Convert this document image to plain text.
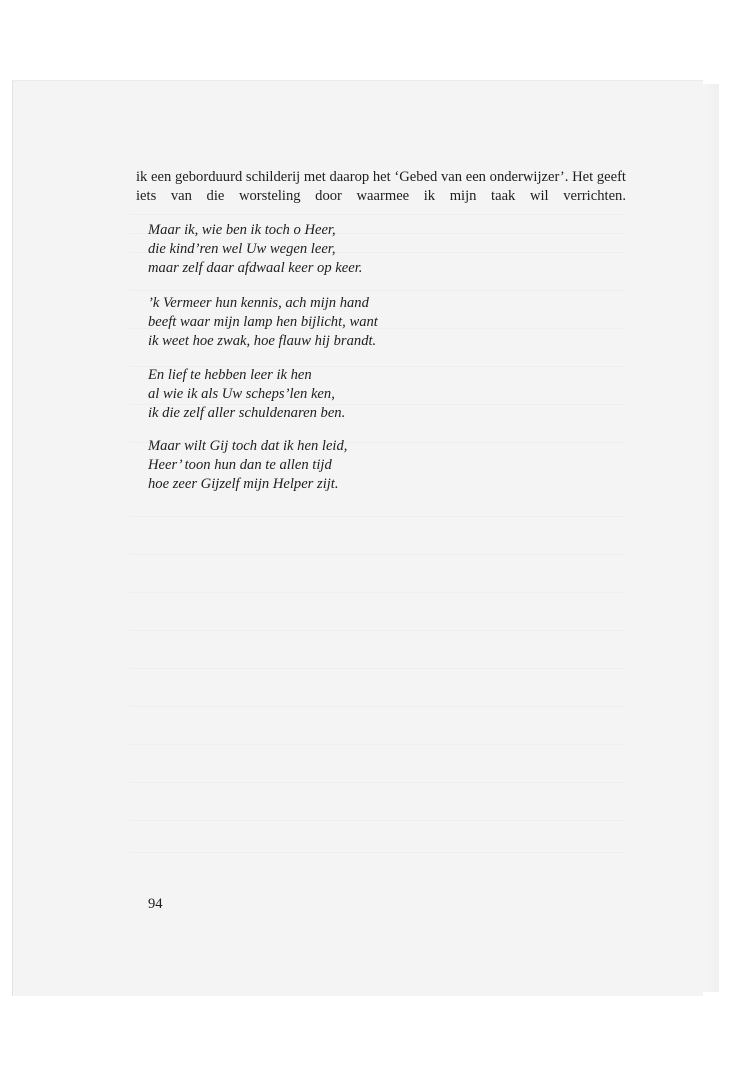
ik een geborduurd schilderij met daarop het ‘Gebed van een onderwijzer’. Het geeft iets van die worsteling door waarmee ik mijn taak wil verrichten.

Maar ik, wie ben ik toch o Heer,
die kind’ren wel Uw wegen leer,
maar zelf daar afdwaal keer op keer.
’k Vermeer hun kennis, ach mijn hand
beeft waar mijn lamp hen bijlicht, want
ik weet hoe zwak, hoe flauw hij brandt.
En lief te hebben leer ik hen
al wie ik als Uw scheps’len ken,
ik die zelf aller schuldenaren ben.
Maar wilt Gij toch dat ik hen leid,
Heer’ toon hun dan te allen tijd
hoe zeer Gijzelf mijn Helper zijt.
94
